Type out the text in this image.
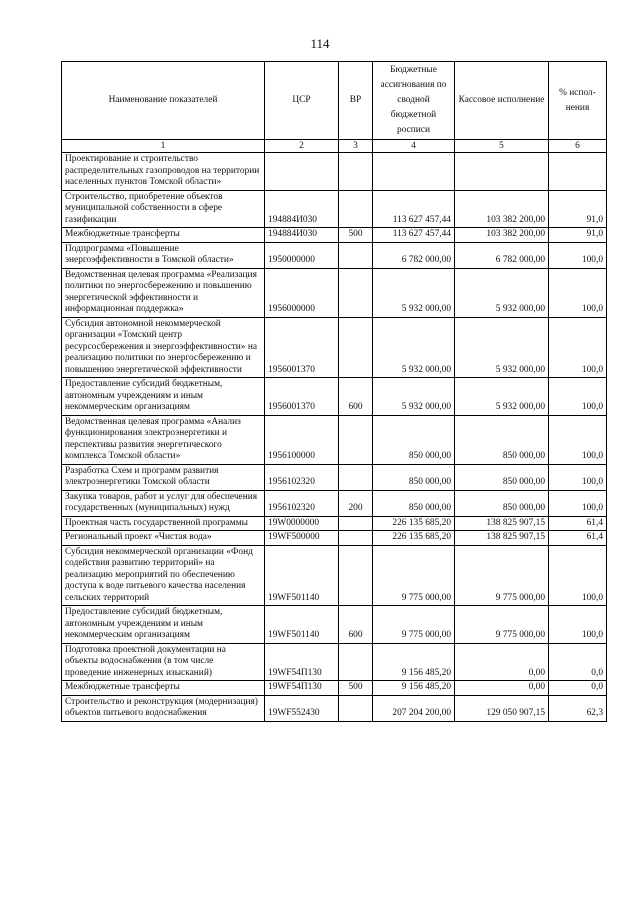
114
Наименование показателей	ЦСР	ВР	Бюджетные ассигнования по сводной бюджетной росписи	Кассовое исполнение	% испол-нения
1	2	3	4	5	6
Проектирование и строительство распределительных газопроводов на территории населенных пунктов Томской области»					
Строительство, приобретение объектов муниципальной собственности в сфере газификации	194884И030		113 627 457,44	103 382 200,00	91,0
Межбюджетные трансферты	194884И030	500	113 627 457,44	103 382 200,00	91,0
Подпрограмма «Повышение энергоэффективности в Томской области»	1950000000		6 782 000,00	6 782 000,00	100,0
Ведомственная целевая программа «Реализация политики по энергосбережению и повышению энергетической эффективности и информационная поддержка»	1956000000		5 932 000,00	5 932 000,00	100,0
Субсидия автономной некоммерческой организации «Томский центр ресурсосбережения и энергоэффективности» на реализацию политики по энергосбережению и повышению энергетической эффективности	1956001370		5 932 000,00	5 932 000,00	100,0
Предоставление субсидий бюджетным, автономным учреждениям и иным некоммерческим организациям	1956001370	600	5 932 000,00	5 932 000,00	100,0
Ведомственная целевая программа «Анализ функционирования электроэнергетики и перспективы развития энергетического комплекса Томской области»	1956100000		850 000,00	850 000,00	100,0
Разработка Схем и программ развития электроэнергетики Томской области	1956102320		850 000,00	850 000,00	100,0
Закупка товаров, работ и услуг для обеспечения государственных (муниципальных) нужд	1956102320	200	850 000,00	850 000,00	100,0
Проектная часть государственной программы	19W0000000		226 135 685,20	138 825 907,15	61,4
Региональный проект «Чистая вода»	19WF500000		226 135 685,20	138 825 907,15	61,4
Субсидия некоммерческой организации «Фонд содействия развитию территорий» на реализацию мероприятий по обеспечению доступа к воде питьевого качества населения сельских территорий	19WF501140		9 775 000,00	9 775 000,00	100,0
Предоставление субсидий бюджетным, автономным учреждениям и иным некоммерческим организациям	19WF501140	600	9 775 000,00	9 775 000,00	100,0
Подготовка проектной документации на объекты водоснабжения (в том числе проведение инженерных изысканий)	19WF54П130		9 156 485,20	0,00	0,0
Межбюджетные трансферты	19WF54П130	500	9 156 485,20	0,00	0,0
Строительство и реконструкция (модернизация) объектов питьевого водоснабжения	19WF552430		207 204 200,00	129 050 907,15	62,3
